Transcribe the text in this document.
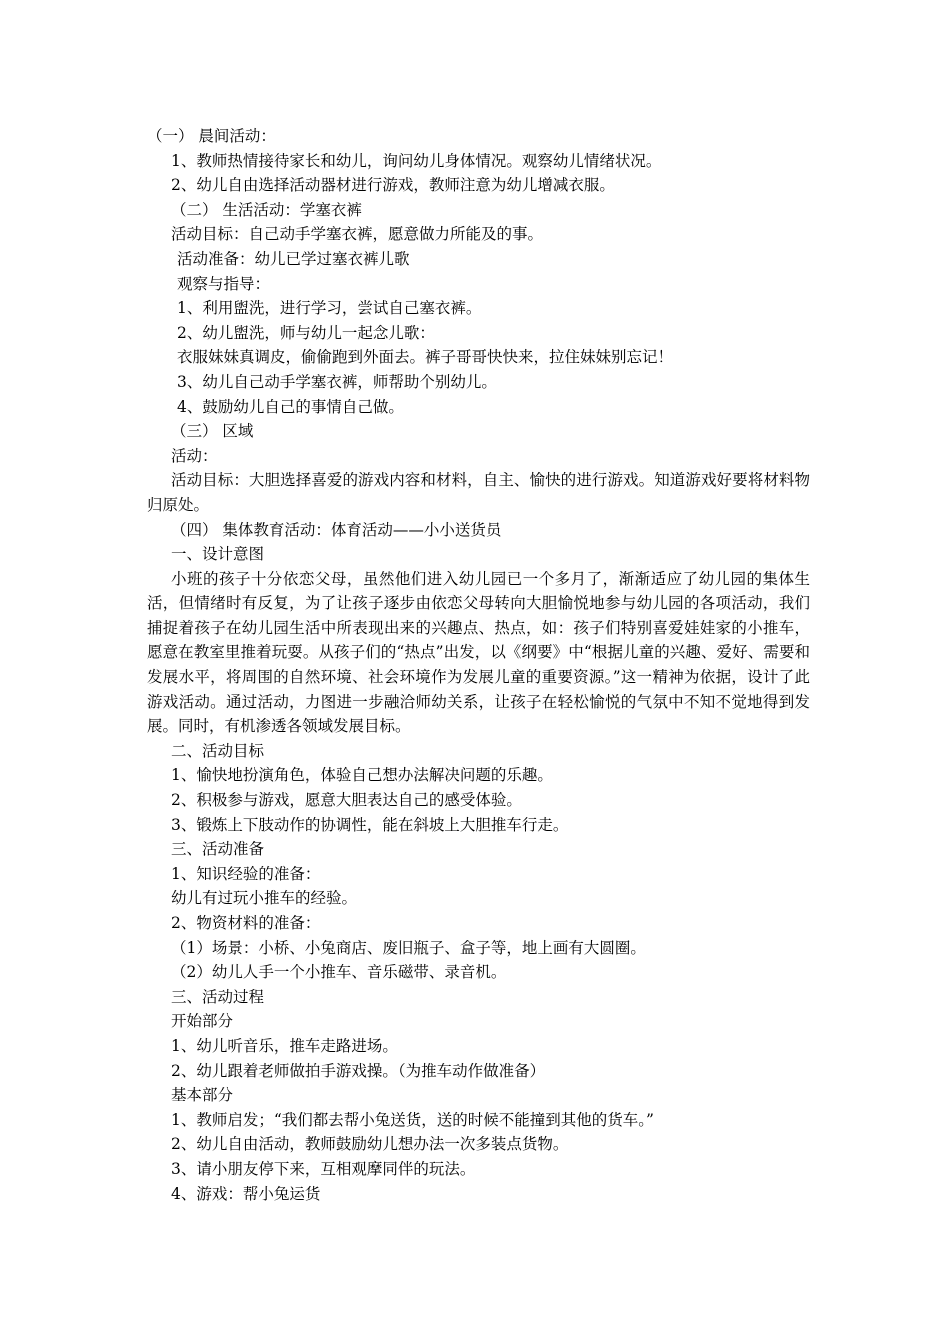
（一） 晨间活动：
1、教师热情接待家长和幼儿，询问幼儿身体情况。观察幼儿情绪状况。
2、幼儿自由选择活动器材进行游戏，教师注意为幼儿增减衣服。
（二） 生活活动：学塞衣裤
活动目标：自己动手学塞衣裤，愿意做力所能及的事。
活动准备：幼儿已学过塞衣裤儿歌
观察与指导：
1、利用盥洗，进行学习，尝试自己塞衣裤。
2、幼儿盥洗，师与幼儿一起念儿歌：
衣服妹妹真调皮，偷偷跑到外面去。裤子哥哥快快来，拉住妹妹别忘记！
3、幼儿自己动手学塞衣裤，师帮助个别幼儿。
4、鼓励幼儿自己的事情自己做。
（三） 区域
活动：
活动目标：大胆选择喜爱的游戏内容和材料，自主、愉快的进行游戏。知道游戏好要将材料物归原处。
（四） 集体教育活动：体育活动——小小送货员
一、设计意图
小班的孩子十分依恋父母，虽然他们进入幼儿园已一个多月了，渐渐适应了幼儿园的集体生活，但情绪时有反复，为了让孩子逐步由依恋父母转向大胆愉悦地参与幼儿园的各项活动，我们捕捉着孩子在幼儿园生活中所表现出来的兴趣点、热点，如：孩子们特别喜爱娃娃家的小推车，愿意在教室里推着玩耍。从孩子们的“热点”出发，以《纲要》中“根据儿童的兴趣、爱好、需要和发展水平，将周围的自然环境、社会环境作为发展儿童的重要资源。”这一精神为依据，设计了此游戏活动。通过活动，力图进一步融洽师幼关系，让孩子在轻松愉悦的气氛中不知不觉地得到发展。同时，有机渗透各领域发展目标。
二、活动目标
1、愉快地扮演角色，体验自己想办法解决问题的乐趣。
2、积极参与游戏，愿意大胆表达自己的感受体验。
3、锻炼上下肢动作的协调性，能在斜坡上大胆推车行走。
三、活动准备
1、知识经验的准备：
幼儿有过玩小推车的经验。
2、物资材料的准备：
（1）场景：小桥、小兔商店、废旧瓶子、盒子等，地上画有大圆圈。
（2）幼儿人手一个小推车、音乐磁带、录音机。
三、活动过程
开始部分
1、幼儿听音乐，推车走路进场。
2、幼儿跟着老师做拍手游戏操。（为推车动作做准备）
基本部分
1、教师启发；“我们都去帮小兔送货，送的时候不能撞到其他的货车。”
2、幼儿自由活动，教师鼓励幼儿想办法一次多装点货物。
3、请小朋友停下来，互相观摩同伴的玩法。
4、游戏：帮小兔运货
